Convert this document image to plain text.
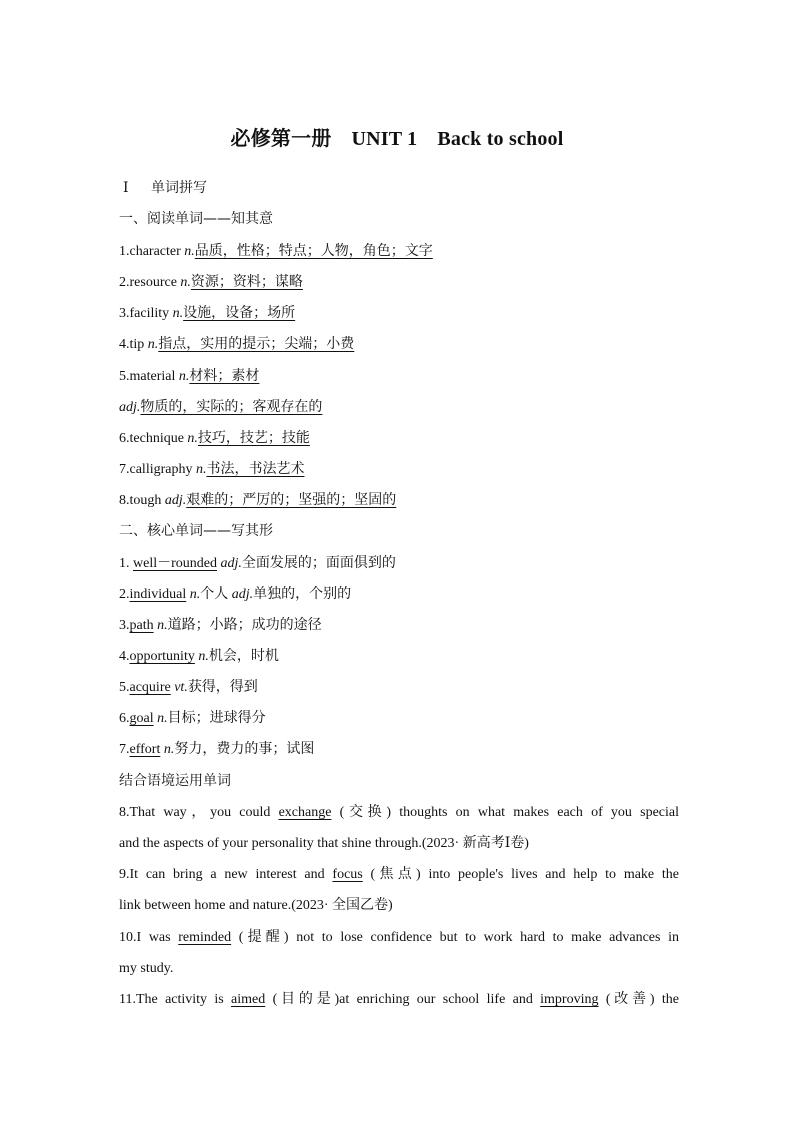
必修第一册 UNIT 1 Back to school
Ⅰ 单词拼写
一、阅读单词——知其意
1.character n.品质，性格；特点；人物，角色；文字
2.resource n.资源；资料；谋略
3.facility n.设施，设备；场所
4.tip n.指点，实用的提示；尖端；小费
5.material n.材料；素材
adj.物质的，实际的；客观存在的
6.technique n.技巧，技艺；技能
7.calligraphy n.书法，书法艺术
8.tough adj.艰难的；严厉的；坚强的；坚固的
二、核心单词——写其形
1. well－rounded adj.全面发展的；面面俱到的
2.individual n.个人 adj.单独的，个别的
3.path n.道路；小路；成功的途径
4.opportunity n.机会，时机
5.acquire vt.获得，得到
6.goal n.目标；进球得分
7.effort n.努力，费力的事；试图
结合语境运用单词
8.That way，you could exchange (交换) thoughts on what makes each of you special
and the aspects of your personality that shine through.(2023· 新高考Ⅰ卷)
9.It can bring a new interest and focus (焦点) into people's lives and help to make the
link between home and nature.(2023· 全国乙卷)
10.I was reminded (提醒) not to lose confidence but to work hard to make advances in
my study.
11.The activity is aimed (目的是)at enriching our school life and improving (改善) the
